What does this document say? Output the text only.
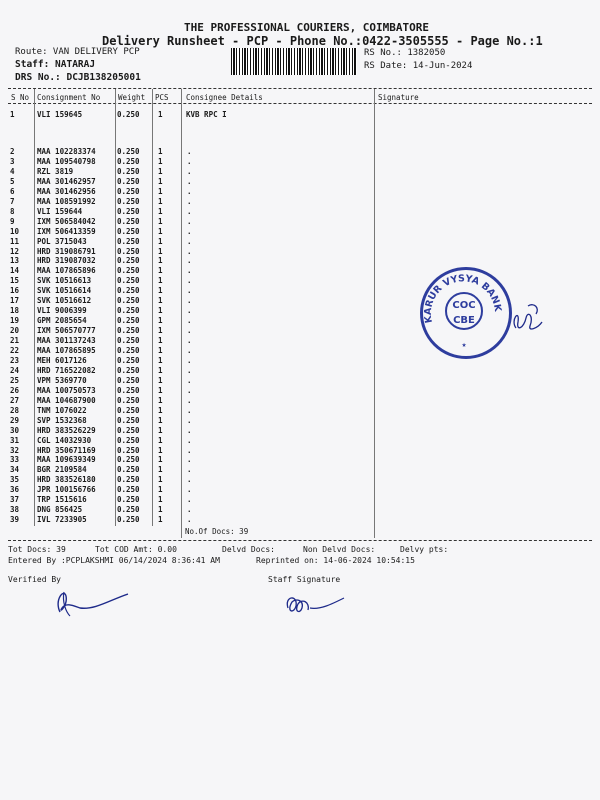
THE PROFESSIONAL COURIERS, COIMBATORE
Delivery Runsheet - PCP - Phone No.:0422-3505555 - Page No.:1
Route: VAN DELIVERY PCP
Staff: NATARAJ
DRS No.: DCJB138205001
RS No.: 1382050
RS Date: 14-Jun-2024
S No Consignment No Weight PCS Consignee Details	Signature
1	VLI 159645	0.250 1	KVB RPC I
2	MAA 102283374	0.250 1	.
3	MAA 109540798	0.250 1	.
4	RZL 3819	0.250 1	.
5	MAA 301462957	0.250 1	.
6	MAA 301462956	0.250 1	.
7	MAA 108591992	0.250 1	.
8	VLI 159644	0.250 1	.
9	IXM 506584042	0.250 1	.
10 IXM 506413359	0.250 1	.
11 POL 3715043	0.250 1	.
12 HRD 319086791	0.250 1	.
13 HRD 319087032	0.250 1	.
14 MAA 107865896	0.250 1	.
15 SVK 10516613	0.250 1	.
16 SVK 10516614	0.250 1	.
17 SVK 10516612	0.250 1	.
18 VLI 9006399	0.250 1	.
19 GPM 2085654	0.250 1	.
20 IXM 506570777	0.250 1	.
21 MAA 301137243	0.250 1	.
22 MAA 107865895	0.250 1	.
23 MEH 6017126	0.250 1	.
24 HRD 716522082	0.250 1	.
25 VPM 5369770	0.250 1	.
26 MAA 100750573	0.250 1	.
27 MAA 104687900	0.250 1	.
28 TNM 1076022	0.250 1	.
29 SVP 1532368	0.250 1	.
30 HRD 383526229	0.250 1	.
31 CGL 14032930	0.250 1	.
32 HRD 350671169	0.250 1	.
33 MAA 109639349	0.250 1	.
34 BGR 2109584	0.250 1	.
35 HRD 383526180	0.250 1	.
36 JPR 100156766	0.250 1	.
37 TRP 1515616	0.250 1	.
38 DNG 856425	0.250 1	.
39 IVL 7233905	0.250 1	.
No.Of Docs: 39
Tot Docs: 39	Tot COD Amt: 0.00	Delvd Docs:	Non Delvd Docs:	Delvy pts:
Entered By :PCPLAKSHMI 06/14/2024 8:36:41 AM	Reprinted on: 14-06-2024 10:54:15
Verified By	Staff Signature
KARUR VYSYA BANK
★
COC
CBE
